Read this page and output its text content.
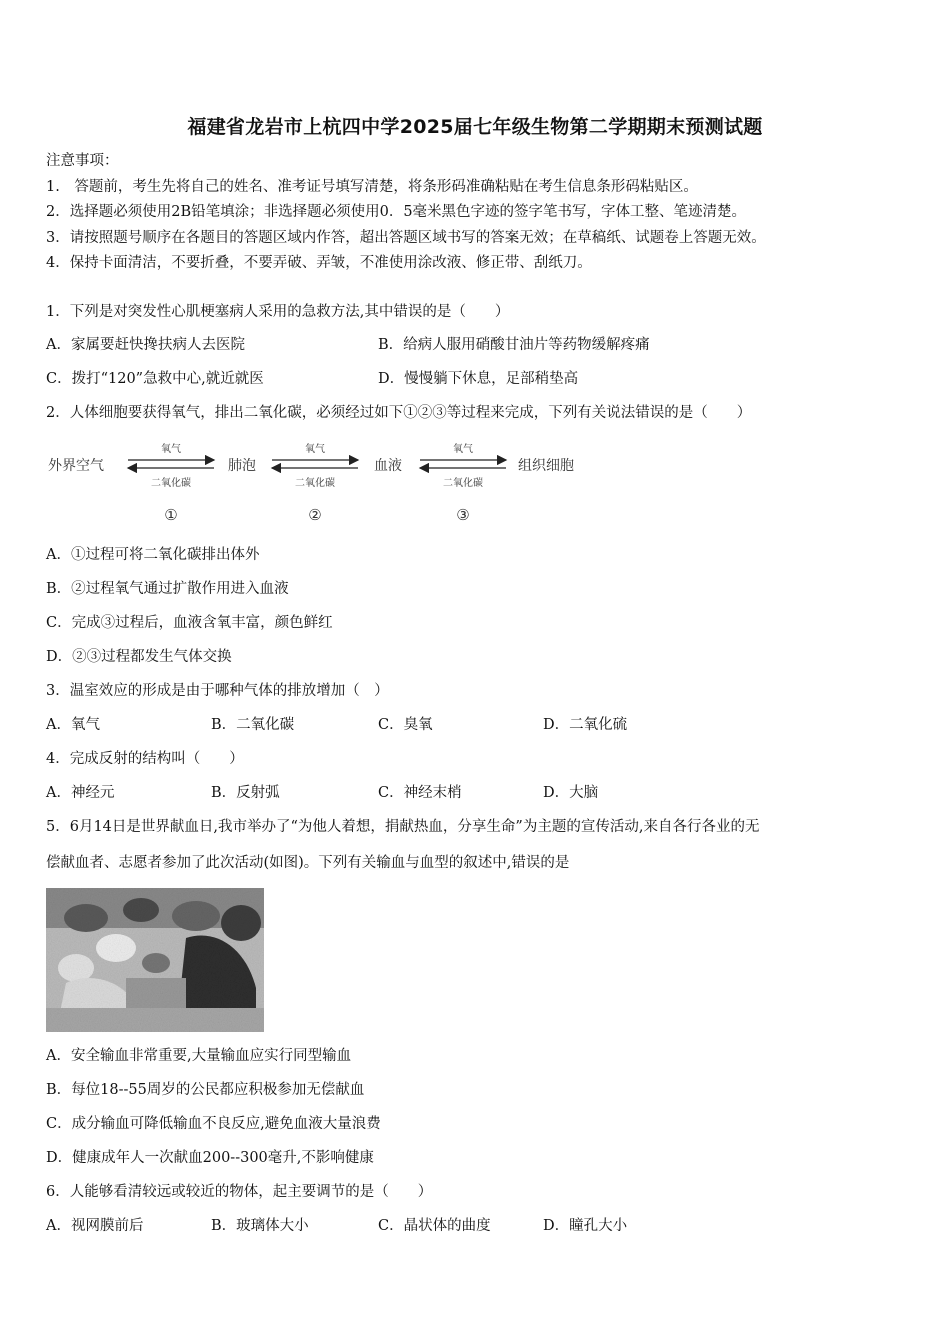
福建省龙岩市上杭四中学2025届七年级生物第二学期期末预测试题
注意事项：
1.　答题前，考生先将自己的姓名、准考证号填写清楚，将条形码准确粘贴在考生信息条形码粘贴区。
2．选择题必须使用2B铅笔填涂；非选择题必须使用0．5毫米黑色字迹的签字笔书写，字体工整、笔迹清楚。
3．请按照题号顺序在各题目的答题区域内作答，超出答题区域书写的答案无效；在草稿纸、试题卷上答题无效。
4．保持卡面清洁，不要折叠，不要弄破、弄皱，不准使用涂改液、修正带、刮纸刀。
1．下列是对突发性心肌梗塞病人采用的急救方法,其中错误的是（　　）
A．家属要赶快搀扶病人去医院	B．给病人服用硝酸甘油片等药物缓解疼痛
C．拨打“120”急救中心,就近就医	D．慢慢躺下休息，足部稍垫高
2．人体细胞要获得氧气，排出二氧化碳，必须经过如下①②③等过程来完成，下列有关说法错误的是（　　）
外界空气	肺泡	血液	组织细胞
氧气
二氧化碳
氧气
二氧化碳
氧气
二氧化碳
①	②	③
A．①过程可将二氧化碳排出体外
B．②过程氧气通过扩散作用进入血液
C．完成③过程后，血液含氧丰富，颜色鲜红
D．②③过程都发生气体交换
3．温室效应的形成是由于哪种气体的排放增加（　）
A．氧气	B．二氧化碳	C．臭氧	D．二氧化硫
4．完成反射的结构叫（　　）
A．神经元	B．反射弧	C．神经末梢	D．大脑
5．6月14日是世界献血日,我市举办了“为他人着想，捐献热血，分享生命”为主题的宣传活动,来自各行各业的无
偿献血者、志愿者参加了此次活动(如图)。下列有关输血与血型的叙述中,错误的是
A．安全输血非常重要,大量输血应实行同型输血
B．每位18--55周岁的公民都应积极参加无偿献血
C．成分输血可降低输血不良反应,避免血液大量浪费
D．健康成年人一次献血200--300毫升,不影响健康
6．人能够看清较远或较近的物体，起主要调节的是（　　）
A．视网膜前后	B．玻璃体大小	C．晶状体的曲度	D．瞳孔大小
